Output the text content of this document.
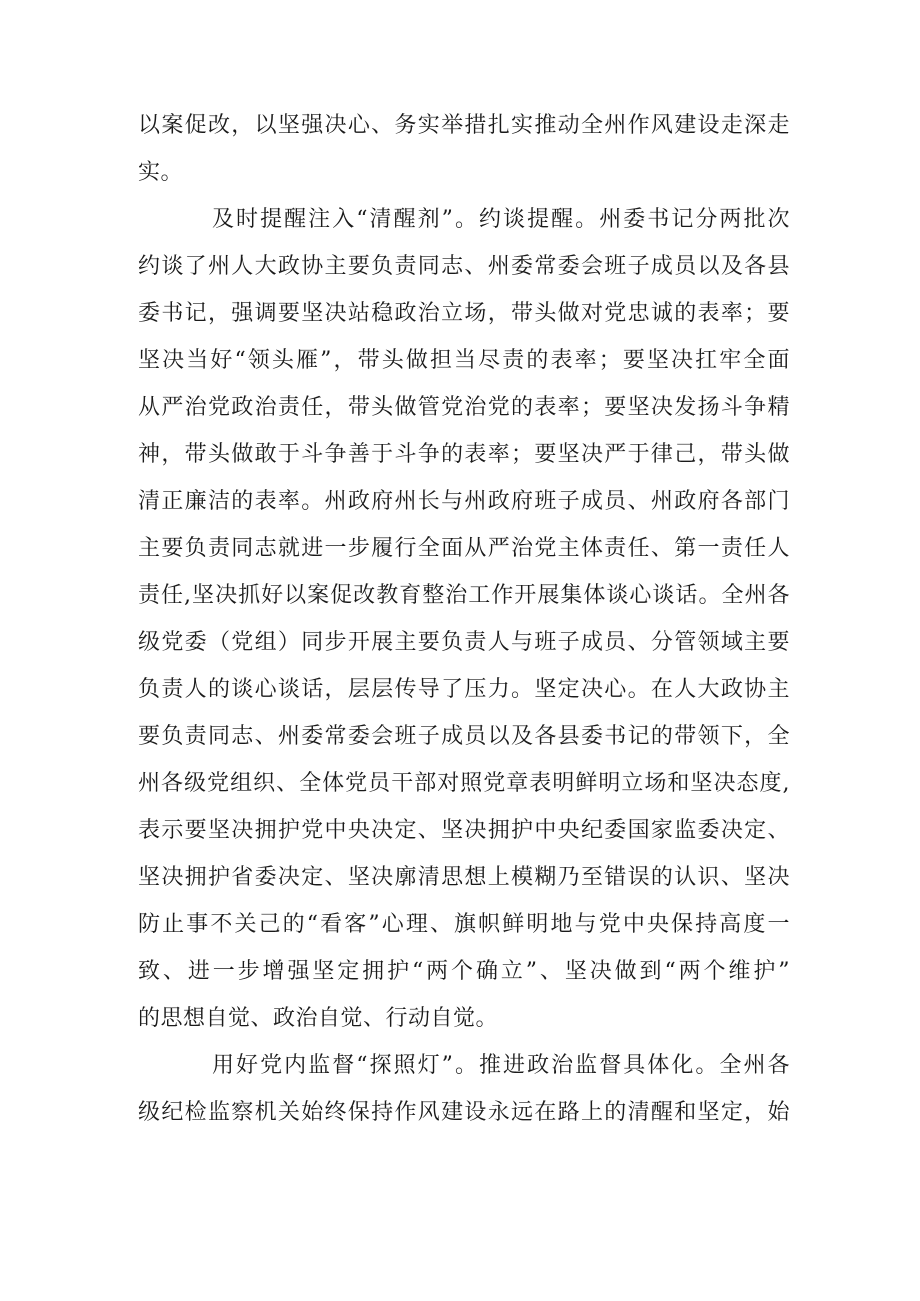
以案促改，以坚强决心、务实举措扎实推动全州作风建设走深走
实。
及时提醒注入“清醒剂”。约谈提醒。州委书记分两批次
约谈了州人大政协主要负责同志、州委常委会班子成员以及各县
委书记，强调要坚决站稳政治立场，带头做对党忠诚的表率；要
坚决当好“领头雁”，带头做担当尽责的表率；要坚决扛牢全面
从严治党政治责任，带头做管党治党的表率；要坚决发扬斗争精
神，带头做敢于斗争善于斗争的表率；要坚决严于律己，带头做
清正廉洁的表率。州政府州长与州政府班子成员、州政府各部门
主要负责同志就进一步履行全面从严治党主体责任、第一责任人
责任,坚决抓好以案促改教育整治工作开展集体谈心谈话。全州各
级党委（党组）同步开展主要负责人与班子成员、分管领域主要
负责人的谈心谈话，层层传导了压力。坚定决心。在人大政协主
要负责同志、州委常委会班子成员以及各县委书记的带领下，全
州各级党组织、全体党员干部对照党章表明鲜明立场和坚决态度,
表示要坚决拥护党中央决定、坚决拥护中央纪委国家监委决定、
坚决拥护省委决定、坚决廓清思想上模糊乃至错误的认识、坚决
防止事不关己的“看客”心理、旗帜鲜明地与党中央保持高度一
致、进一步增强坚定拥护“两个确立”、坚决做到“两个维护”
的思想自觉、政治自觉、行动自觉。
用好党内监督“探照灯”。推进政治监督具体化。全州各
级纪检监察机关始终保持作风建设永远在路上的清醒和坚定，始
